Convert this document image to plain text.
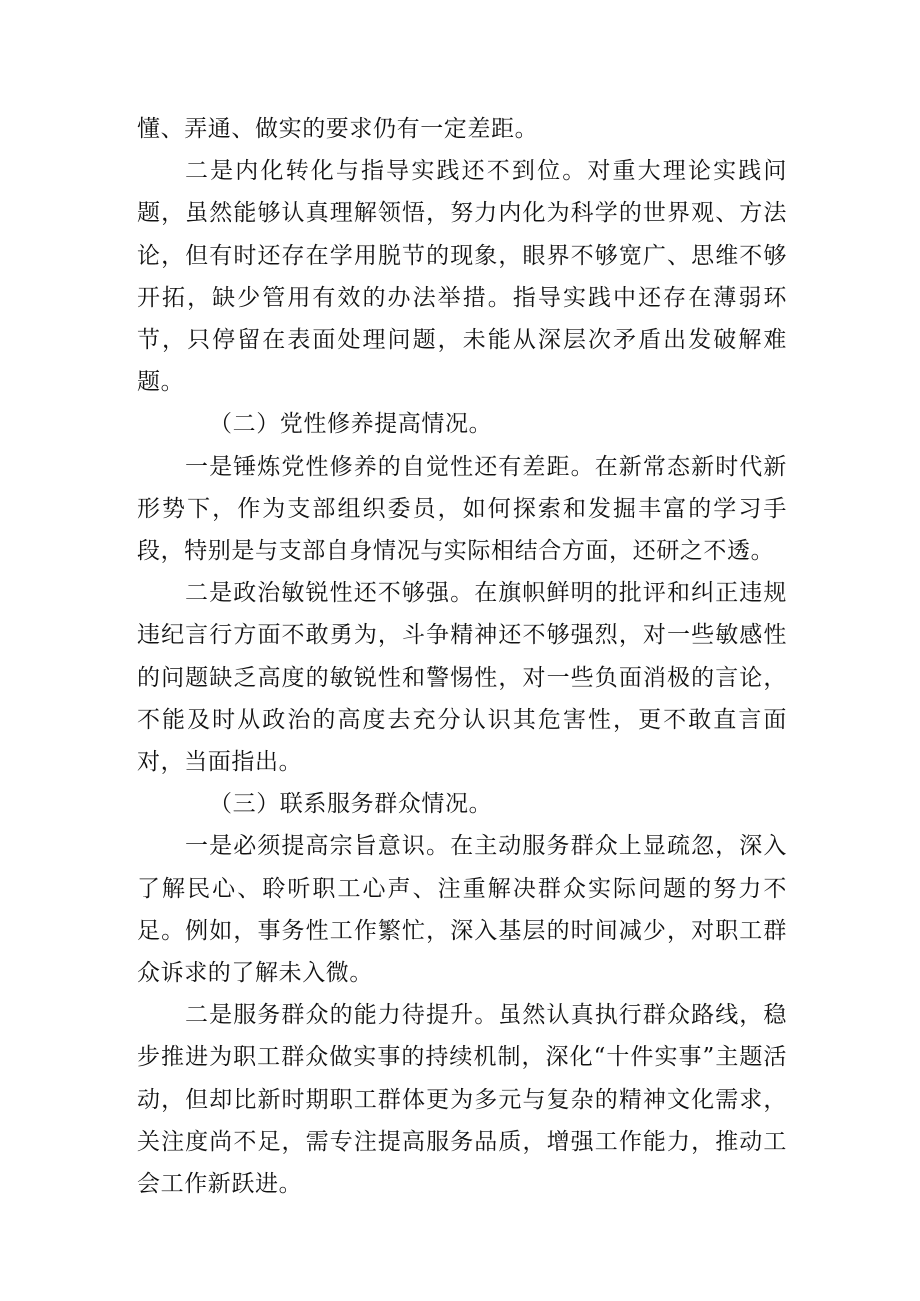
懂、弄通、做实的要求仍有一定差距。

二是内化转化与指导实践还不到位。对重大理论实践问题，虽然能够认真理解领悟，努力内化为科学的世界观、方法论，但有时还存在学用脱节的现象，眼界不够宽广、思维不够开拓，缺少管用有效的办法举措。指导实践中还存在薄弱环节，只停留在表面处理问题，未能从深层次矛盾出发破解难题。

（二）党性修养提高情况。

一是锤炼党性修养的自觉性还有差距。在新常态新时代新形势下，作为支部组织委员，如何探索和发掘丰富的学习手段，特别是与支部自身情况与实际相结合方面，还研之不透。

二是政治敏锐性还不够强。在旗帜鲜明的批评和纠正违规违纪言行方面不敢勇为，斗争精神还不够强烈，对一些敏感性的问题缺乏高度的敏锐性和警惕性，对一些负面消极的言论，不能及时从政治的高度去充分认识其危害性，更不敢直言面对，当面指出。

（三）联系服务群众情况。

一是必须提高宗旨意识。在主动服务群众上显疏忽，深入了解民心、聆听职工心声、注重解决群众实际问题的努力不足。例如，事务性工作繁忙，深入基层的时间减少，对职工群众诉求的了解未入微。

二是服务群众的能力待提升。虽然认真执行群众路线，稳步推进为职工群众做实事的持续机制，深化“十件实事”主题活动，但却比新时期职工群体更为多元与复杂的精神文化需求，关注度尚不足，需专注提高服务品质，增强工作能力，推动工会工作新跃进。
